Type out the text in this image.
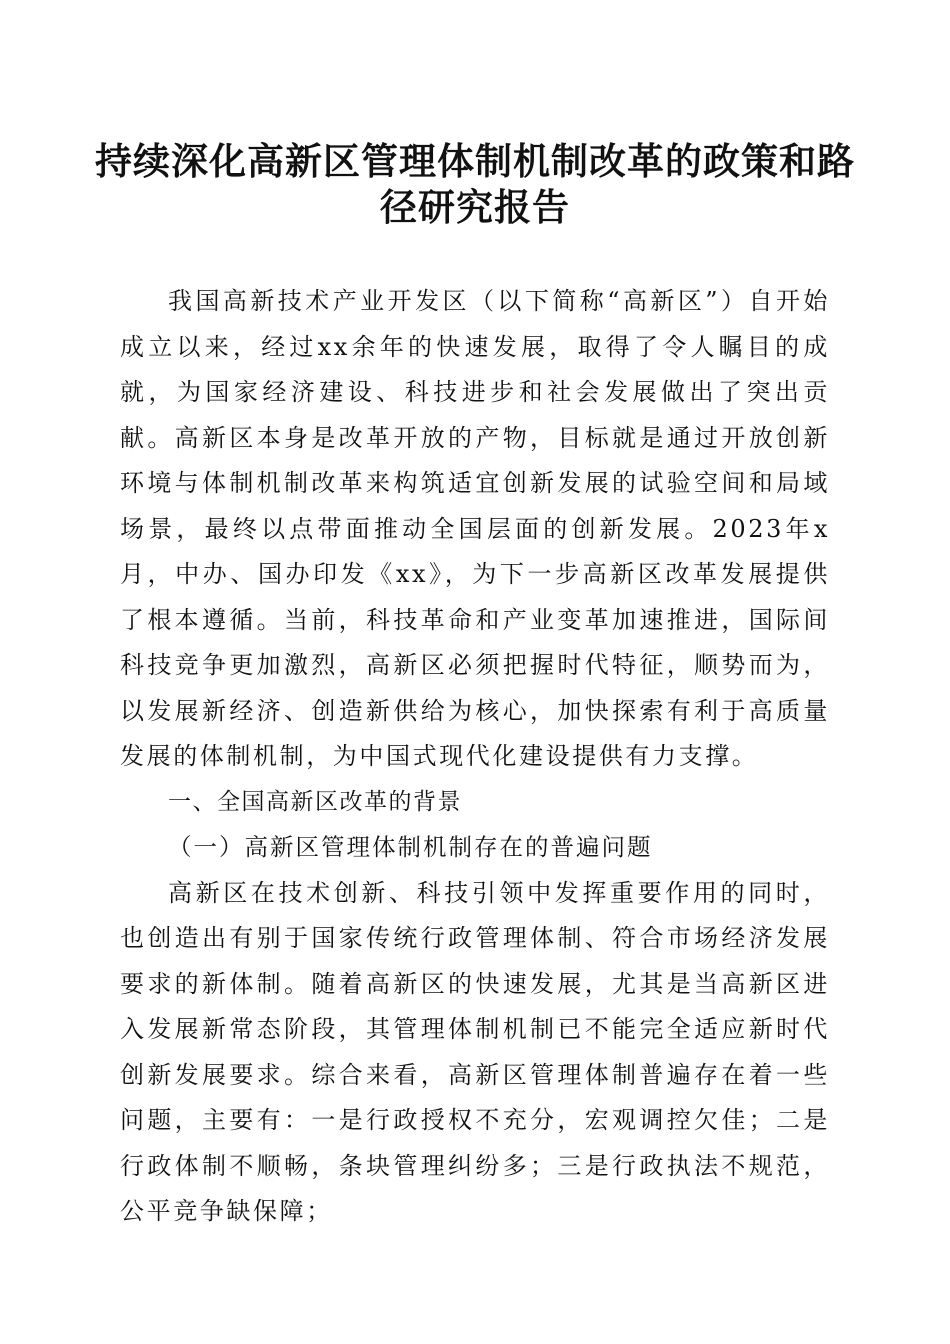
持续深化高新区管理体制机制改革的政策和路
径研究报告

我国高新技术产业开发区（以下简称“高新区”）自开始成立以来，经过xx余年的快速发展，取得了令人瞩目的成就，为国家经济建设、科技进步和社会发展做出了突出贡献。高新区本身是改革开放的产物，目标就是通过开放创新环境与体制机制改革来构筑适宜创新发展的试验空间和局域场景，最终以点带面推动全国层面的创新发展。2023年x月，中办、国办印发《xx》，为下一步高新区改革发展提供了根本遵循。当前，科技革命和产业变革加速推进，国际间科技竞争更加激烈，高新区必须把握时代特征，顺势而为，以发展新经济、创造新供给为核心，加快探索有利于高质量发展的体制机制，为中国式现代化建设提供有力支撑。

一、全国高新区改革的背景

（一）高新区管理体制机制存在的普遍问题

高新区在技术创新、科技引领中发挥重要作用的同时，也创造出有别于国家传统行政管理体制、符合市场经济发展要求的新体制。随着高新区的快速发展，尤其是当高新区进入发展新常态阶段，其管理体制机制已不能完全适应新时代创新发展要求。综合来看，高新区管理体制普遍存在着一些问题，主要有：一是行政授权不充分，宏观调控欠佳；二是行政体制不顺畅，条块管理纠纷多；三是行政执法不规范，公平竞争缺保障；
